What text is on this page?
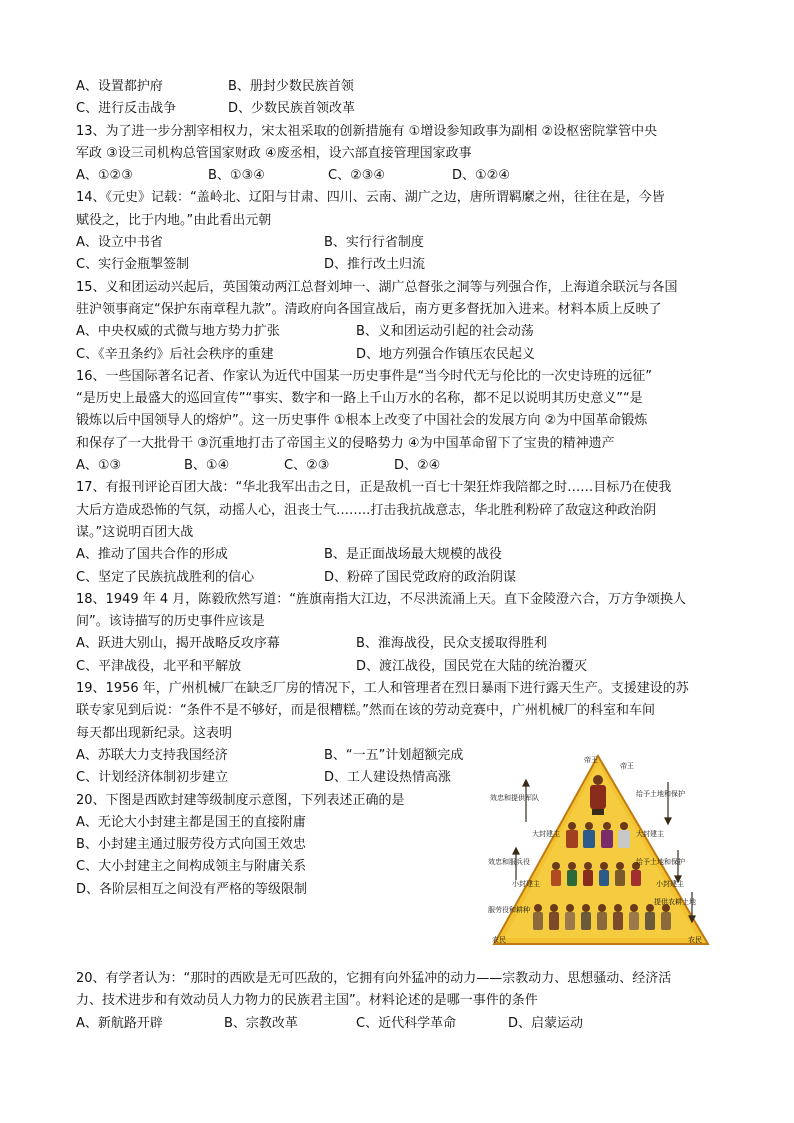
A、设置都护府	B、册封少数民族首领
C、进行反击战争	D、少数民族首领改革
13、为了进一步分割宰相权力，宋太祖采取的创新措施有 ①增设参知政事为副相 ②设枢密院掌管中央
军政 ③设三司机构总管国家财政 ④废丞相，设六部直接管理国家政事
A、①②③	B、①③④	C、②③④	D、①②④
14、《元史》记载：“盖岭北、辽阳与甘肃、四川、云南、湖广之边，唐所谓羁縻之州，往往在是，今皆
赋役之，比于内地。”由此看出元朝
A、设立中书省	B、实行行省制度
C、实行金瓶掣签制	D、推行改土归流
15、义和团运动兴起后，英国策动两江总督刘坤一、湖广总督张之洞等与列强合作，上海道余联沅与各国
驻沪领事商定“保护东南章程九款”。清政府向各国宣战后，南方更多督抚加入进来。材料本质上反映了
A、中央权威的式微与地方势力扩张	B、义和团运动引起的社会动荡
C、《辛丑条约》后社会秩序的重建	D、地方列强合作镇压农民起义
16、一些国际著名记者、作家认为近代中国某一历史事件是“当今时代无与伦比的一次史诗班的远征”
“是历史上最盛大的巡回宣传”“事实、数字和一路上千山万水的名称，都不足以说明其历史意义”“是
锻炼以后中国领导人的熔炉”。这一历史事件 ①根本上改变了中国社会的发展方向 ②为中国革命锻炼
和保存了一大批骨干 ③沉重地打击了帝国主义的侵略势力 ④为中国革命留下了宝贵的精神遗产
A、①③	B、①④	C、②③	D、②④
17、有报刊评论百团大战：“华北我军出击之日，正是敌机一百七十架狂炸我陪都之时……目标乃在使我
大后方造成恐怖的气氛，动摇人心，沮丧士气……..打击我抗战意志，华北胜利粉碎了敌寇这种政治阴
谋。”这说明百团大战
A、推动了国共合作的形成	B、是正面战场最大规模的战役
C、坚定了民族抗战胜利的信心	D、粉碎了国民党政府的政治阴谋
18、1949 年 4 月，陈毅欣然写道：“旌旗南指大江边，不尽洪流涌上天。直下金陵澄六合，万方争颂换人
间”。该诗描写的历史事件应该是
A、跃进大别山，揭开战略反攻序幕	B、淮海战役，民众支援取得胜利
C、平津战役，北平和平解放	D、渡江战役，国民党在大陆的统治覆灭
19、1956 年，广州机械厂在缺乏厂房的情况下，工人和管理者在烈日暴雨下进行露天生产。支援建设的苏
联专家见到后说：“条件不是不够好，而是很糟糕。”然而在该的劳动竞赛中，广州机械厂的科室和车间
每天都出现新纪录。这表明
A、苏联大力支持我国经济	B、“一五”计划超额完成
C、计划经济体制初步建立	D、工人建设热情高涨
20、下图是西欧封建等级制度示意图，下列表述正确的是
A、无论大小封建主都是国王的直接附庸
B、小封建主通过服劳役方式向国王效忠
C、大小封建主之间构成领主与附庸关系
D、各阶层相互之间没有严格的等级限制
帝王
帝王
大封建主	大封建主
小封建主	小封建主
农民	农民
效忠和提供军队
效忠和服兵役
服劳役和耕种
给予土地和保护
给予土地和保护
提供农耕土地
20、有学者认为：“那时的西欧是无可匹敌的，它拥有向外猛冲的动力——宗教动力、思想骚动、经济活
力、技术进步和有效动员人力物力的民族君主国”。材料论述的是哪一事件的条件
A、新航路开辟	B、宗教改革	C、近代科学革命	D、启蒙运动
